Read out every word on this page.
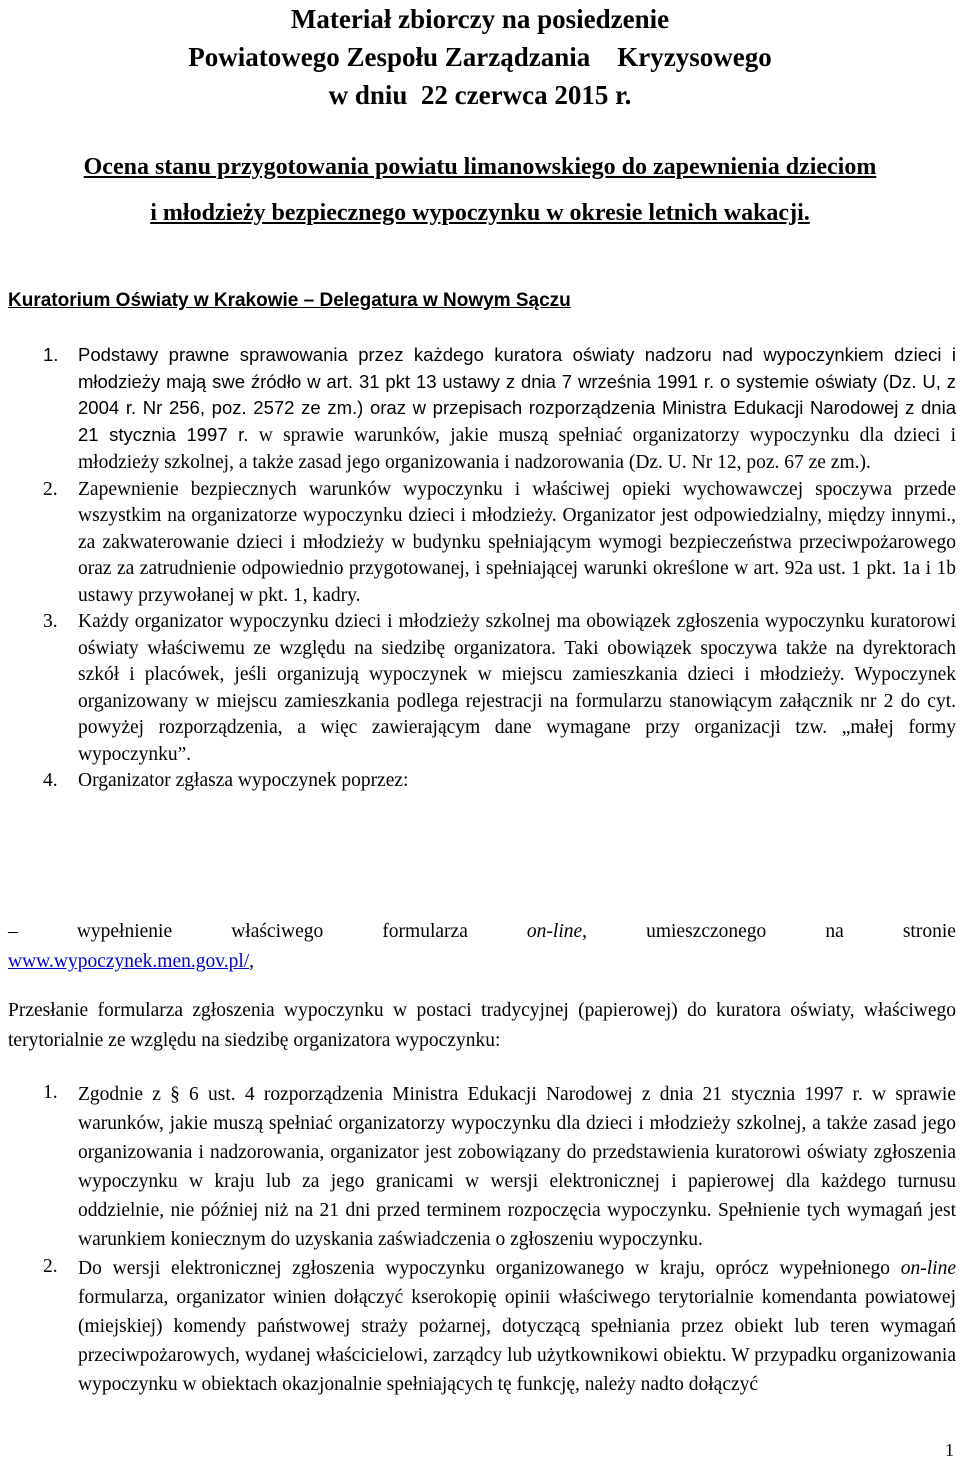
Materiał zbiorczy na posiedzenie
Powiatowego Zespołu Zarządzania    Kryzysowego
w dniu  22 czerwca 2015 r.
Ocena stanu przygotowania powiatu limanowskiego do zapewnienia dzieciom
i młodzieży bezpiecznego wypoczynku w okresie letnich wakacji.
Kuratorium Oświaty w Krakowie – Delegatura w Nowym Sączu
1.	Podstawy prawne sprawowania przez każdego kuratora oświaty nadzoru nad wypoczynkiem dzieci i młodzieży mają swe źródło w art. 31 pkt 13 ustawy z dnia 7 września 1991 r. o systemie oświaty (Dz. U, z 2004 r. Nr 256, poz. 2572 ze zm.) oraz w przepisach rozporządzenia Ministra Edukacji Narodowej z dnia 21 stycznia 1997 r. w sprawie warunków, jakie muszą spełniać organizatorzy wypoczynku dla dzieci i młodzieży szkolnej, a także zasad jego organizowania i nadzorowania (Dz. U. Nr 12, poz. 67 ze zm.).
2.	Zapewnienie bezpiecznych warunków wypoczynku i właściwej opieki wychowawczej spoczywa przede wszystkim na organizatorze wypoczynku dzieci i młodzieży. Organizator jest odpowiedzialny, między innymi., za zakwaterowanie dzieci i młodzieży w budynku spełniającym wymogi bezpieczeństwa przeciwpożarowego oraz za zatrudnienie odpowiednio przygotowanej, i spełniającej warunki określone w art. 92a ust. 1 pkt. 1a i 1b ustawy przywołanej w pkt. 1, kadry.
3.	Każdy organizator wypoczynku dzieci i młodzieży szkolnej ma obowiązek zgłoszenia wypoczynku kuratorowi oświaty właściwemu ze względu na siedzibę organizatora. Taki obowiązek spoczywa także na dyrektorach szkół i placówek, jeśli organizują wypoczynek w miejscu zamieszkania dzieci i młodzieży. Wypoczynek organizowany w miejscu zamieszkania podlega rejestracji na formularzu stanowiącym załącznik nr 2 do cyt. powyżej rozporządzenia, a więc zawierającym dane wymagane przy organizacji tzw. „małej formy wypoczynku”.
4.	Organizator zgłasza wypoczynek poprzez:
–	wypełnienie	właściwego	formularza	on-line,	umieszczonego	na	stronie
www.wypoczynek.men.gov.pl/,
Przesłanie formularza zgłoszenia wypoczynku w postaci tradycyjnej (papierowej) do kuratora oświaty, właściwego terytorialnie ze względu na siedzibę organizatora wypoczynku:
1.	Zgodnie z § 6 ust. 4 rozporządzenia Ministra Edukacji Narodowej z dnia 21 stycznia 1997 r. w sprawie warunków, jakie muszą spełniać organizatorzy wypoczynku dla dzieci i młodzieży szkolnej, a także zasad jego organizowania i nadzorowania, organizator jest zobowiązany do przedstawienia kuratorowi oświaty zgłoszenia wypoczynku w kraju lub za jego granicami w wersji elektronicznej i papierowej dla każdego turnusu oddzielnie, nie później niż na 21 dni przed terminem rozpoczęcia wypoczynku. Spełnienie tych wymagań jest warunkiem koniecznym do uzyskania zaświadczenia o zgłoszeniu wypoczynku.
2.	Do wersji elektronicznej zgłoszenia wypoczynku organizowanego w kraju, oprócz wypełnionego on-line formularza, organizator winien dołączyć kserokopię opinii właściwego terytorialnie komendanta powiatowej (miejskiej) komendy państwowej straży pożarnej, dotyczącą spełniania przez obiekt lub teren wymagań przeciwpożarowych, wydanej właścicielowi, zarządcy lub użytkownikowi obiektu. W przypadku organizowania wypoczynku w obiektach okazjonalnie spełniających tę funkcję, należy nadto dołączyć
1
